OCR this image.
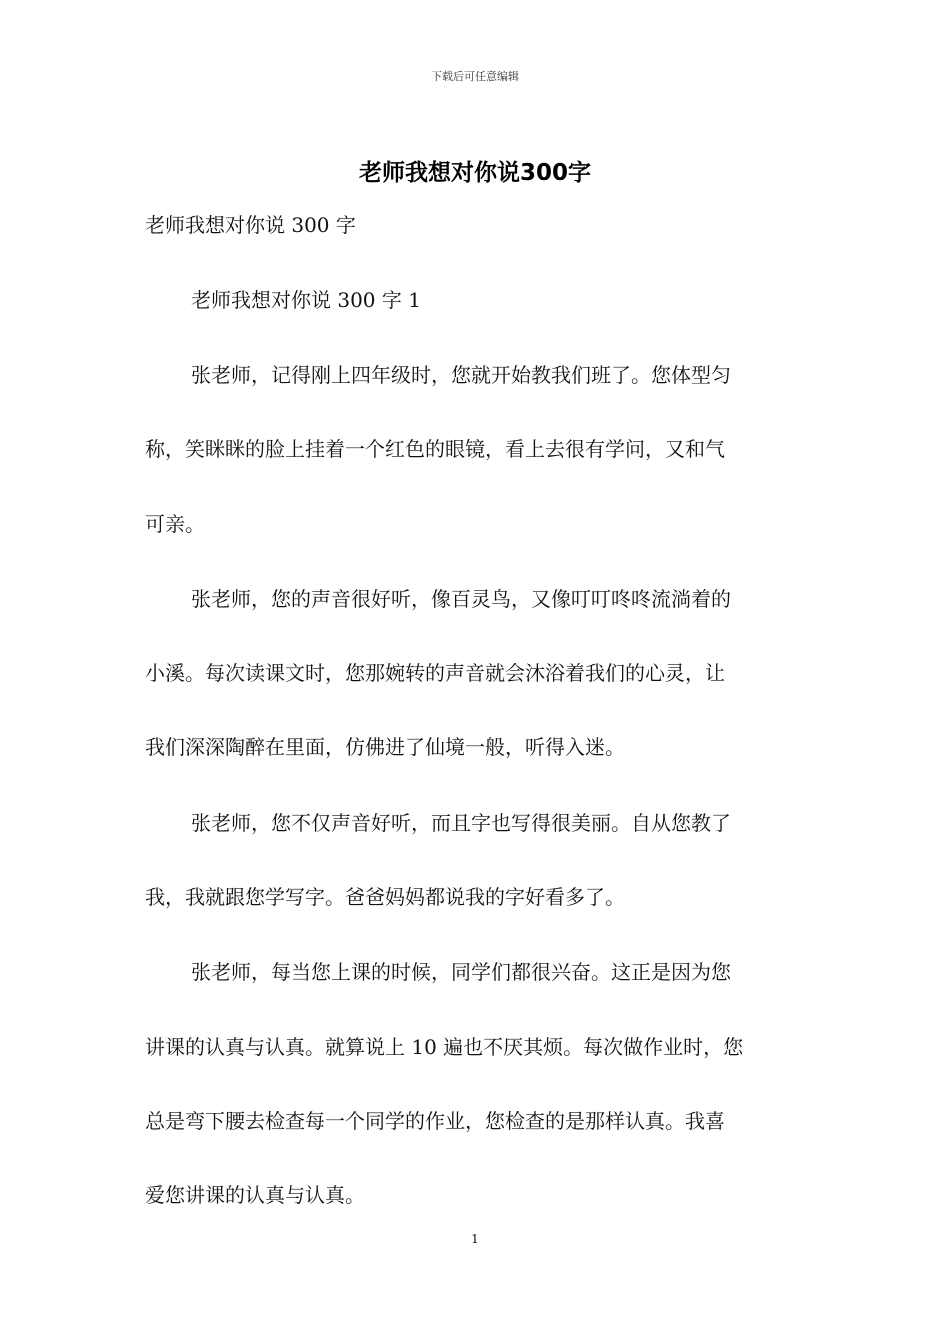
下载后可任意编辑
老师我想对你说300字
老师我想对你说 300 字
老师我想对你说 300 字 1
张老师，记得刚上四年级时，您就开始教我们班了。您体型匀
称，笑眯眯的脸上挂着一个红色的眼镜，看上去很有学问，又和气
可亲。
张老师，您的声音很好听，像百灵鸟，又像叮叮咚咚流淌着的
小溪。每次读课文时，您那婉转的声音就会沐浴着我们的心灵，让
我们深深陶醉在里面，仿佛进了仙境一般，听得入迷。
张老师，您不仅声音好听，而且字也写得很美丽。自从您教了
我，我就跟您学写字。爸爸妈妈都说我的字好看多了。
张老师，每当您上课的时候，同学们都很兴奋。这正是因为您
讲课的认真与认真。就算说上 10 遍也不厌其烦。每次做作业时，您
总是弯下腰去检查每一个同学的作业，您检查的是那样认真。我喜
爱您讲课的认真与认真。
1
